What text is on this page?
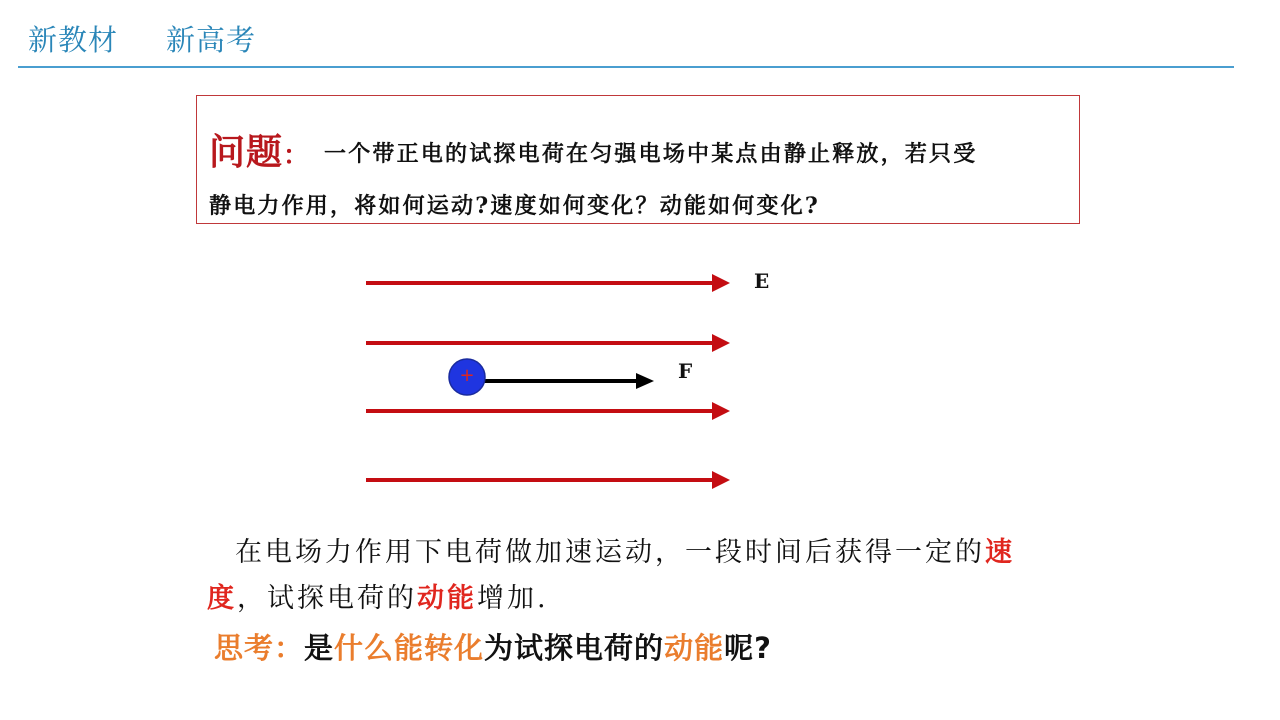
新教材 新高考
问题： 一个带正电的试探电荷在匀强电场中某点由静止释放，若只受
静电力作用，将如何运动?速度如何变化？动能如何变化?
E
F
+
在电场力作用下电荷做加速运动，一段时间后获得一定的速
度，试探电荷的动能增加.
思考：是什么能转化为试探电荷的动能呢?
